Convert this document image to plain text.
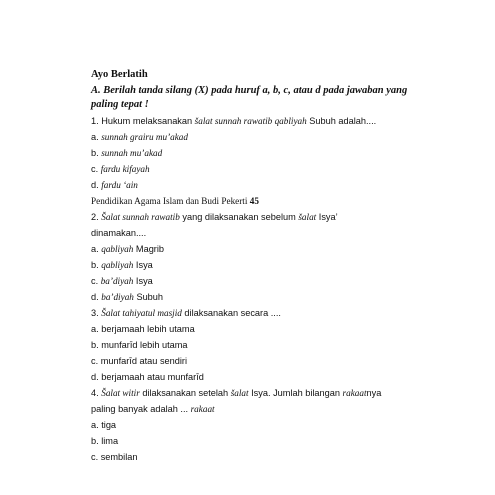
Ayo Berlatih
A. Berilah tanda silang (X) pada huruf a, b, c, atau d pada jawaban yang
paling tepat !
1. Hukum melaksanakan šalat sunnah rawatib qabliyah Subuh adalah....
a. sunnah grairu mu’akad
b. sunnah mu’akad
c. fardu kifayah
d. fardu ‘ain
Pendidikan Agama Islam dan Budi Pekerti 45
2. Šalat sunnah rawatib yang dilaksanakan sebelum šalat Isya’
dinamakan....
a. qabliyah Magrib
b. qabliyah Isya
c. ba’diyah Isya
d. ba’diyah Subuh
3. Šalat tahiyatul masjid dilaksanakan secara ....
a. berjamaah lebih utama
b. munfarīd lebih utama
c. munfarīd atau sendiri
d. berjamaah atau munfarīd
4. Šalat witir dilaksanakan setelah šalat Isya. Jumlah bilangan rakaatnya
paling banyak adalah ... rakaat
a. tiga
b. lima
c. sembilan
